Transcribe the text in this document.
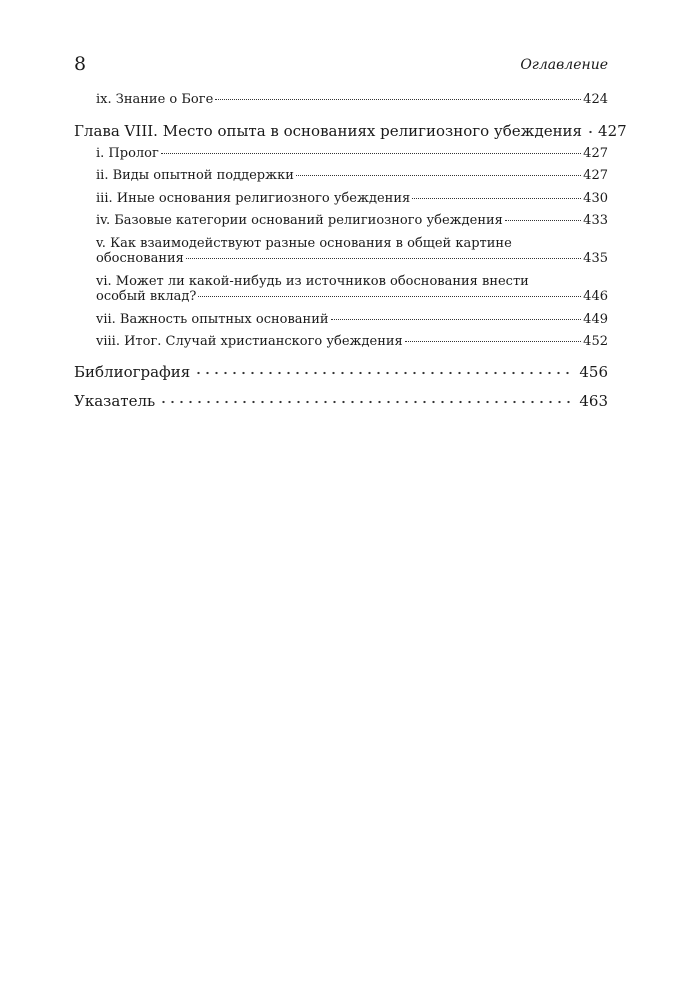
8	Оглавление
ix. Знание о Боге	424
Глава VIII. Место опыта в основаниях религиозного убеждения 427
i. Пролог	427
ii. Виды опытной поддержки	427
iii. Иные основания религиозного убеждения	430
iv. Базовые категории оснований религиозного убеждения	433
v. Как взаимодействуют разные основания в общей картине
обоснования	435
vi. Может ли какой-нибудь из источников обоснования внести
особый вклад?	446
vii. Важность опытных оснований	449
viii. Итог. Случай христианского убеждения	452
Библиография	456
Указатель	463
